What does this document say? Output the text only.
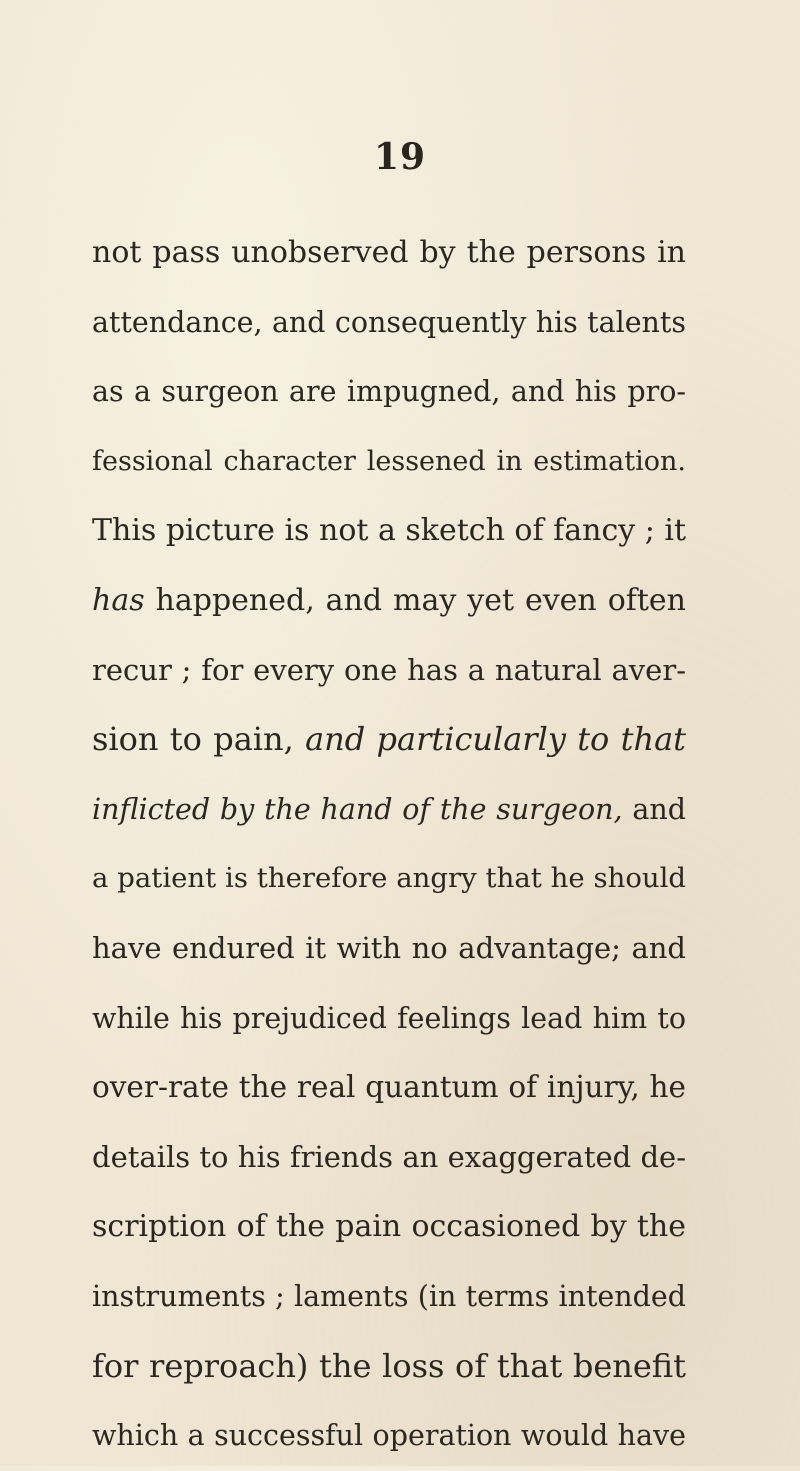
19
not pass unobserved by the persons in
attendance, and consequently his talents
as a surgeon are impugned, and his pro-
fessional character lessened in estimation.
This picture is not a sketch of fancy ; it
has happened, and may yet even often
recur ; for every one has a natural aver-
sion to pain, and particularly to that
inflicted by the hand of the surgeon, and
a patient is therefore angry that he should
have endured it with no advantage; and
while his prejudiced feelings lead him to
over-rate the real quantum of injury, he
details to his friends an exaggerated de-
scription of the pain occasioned by the
instruments ; laments (in terms intended
for reproach) the loss of that benefit
which a successful operation would have
